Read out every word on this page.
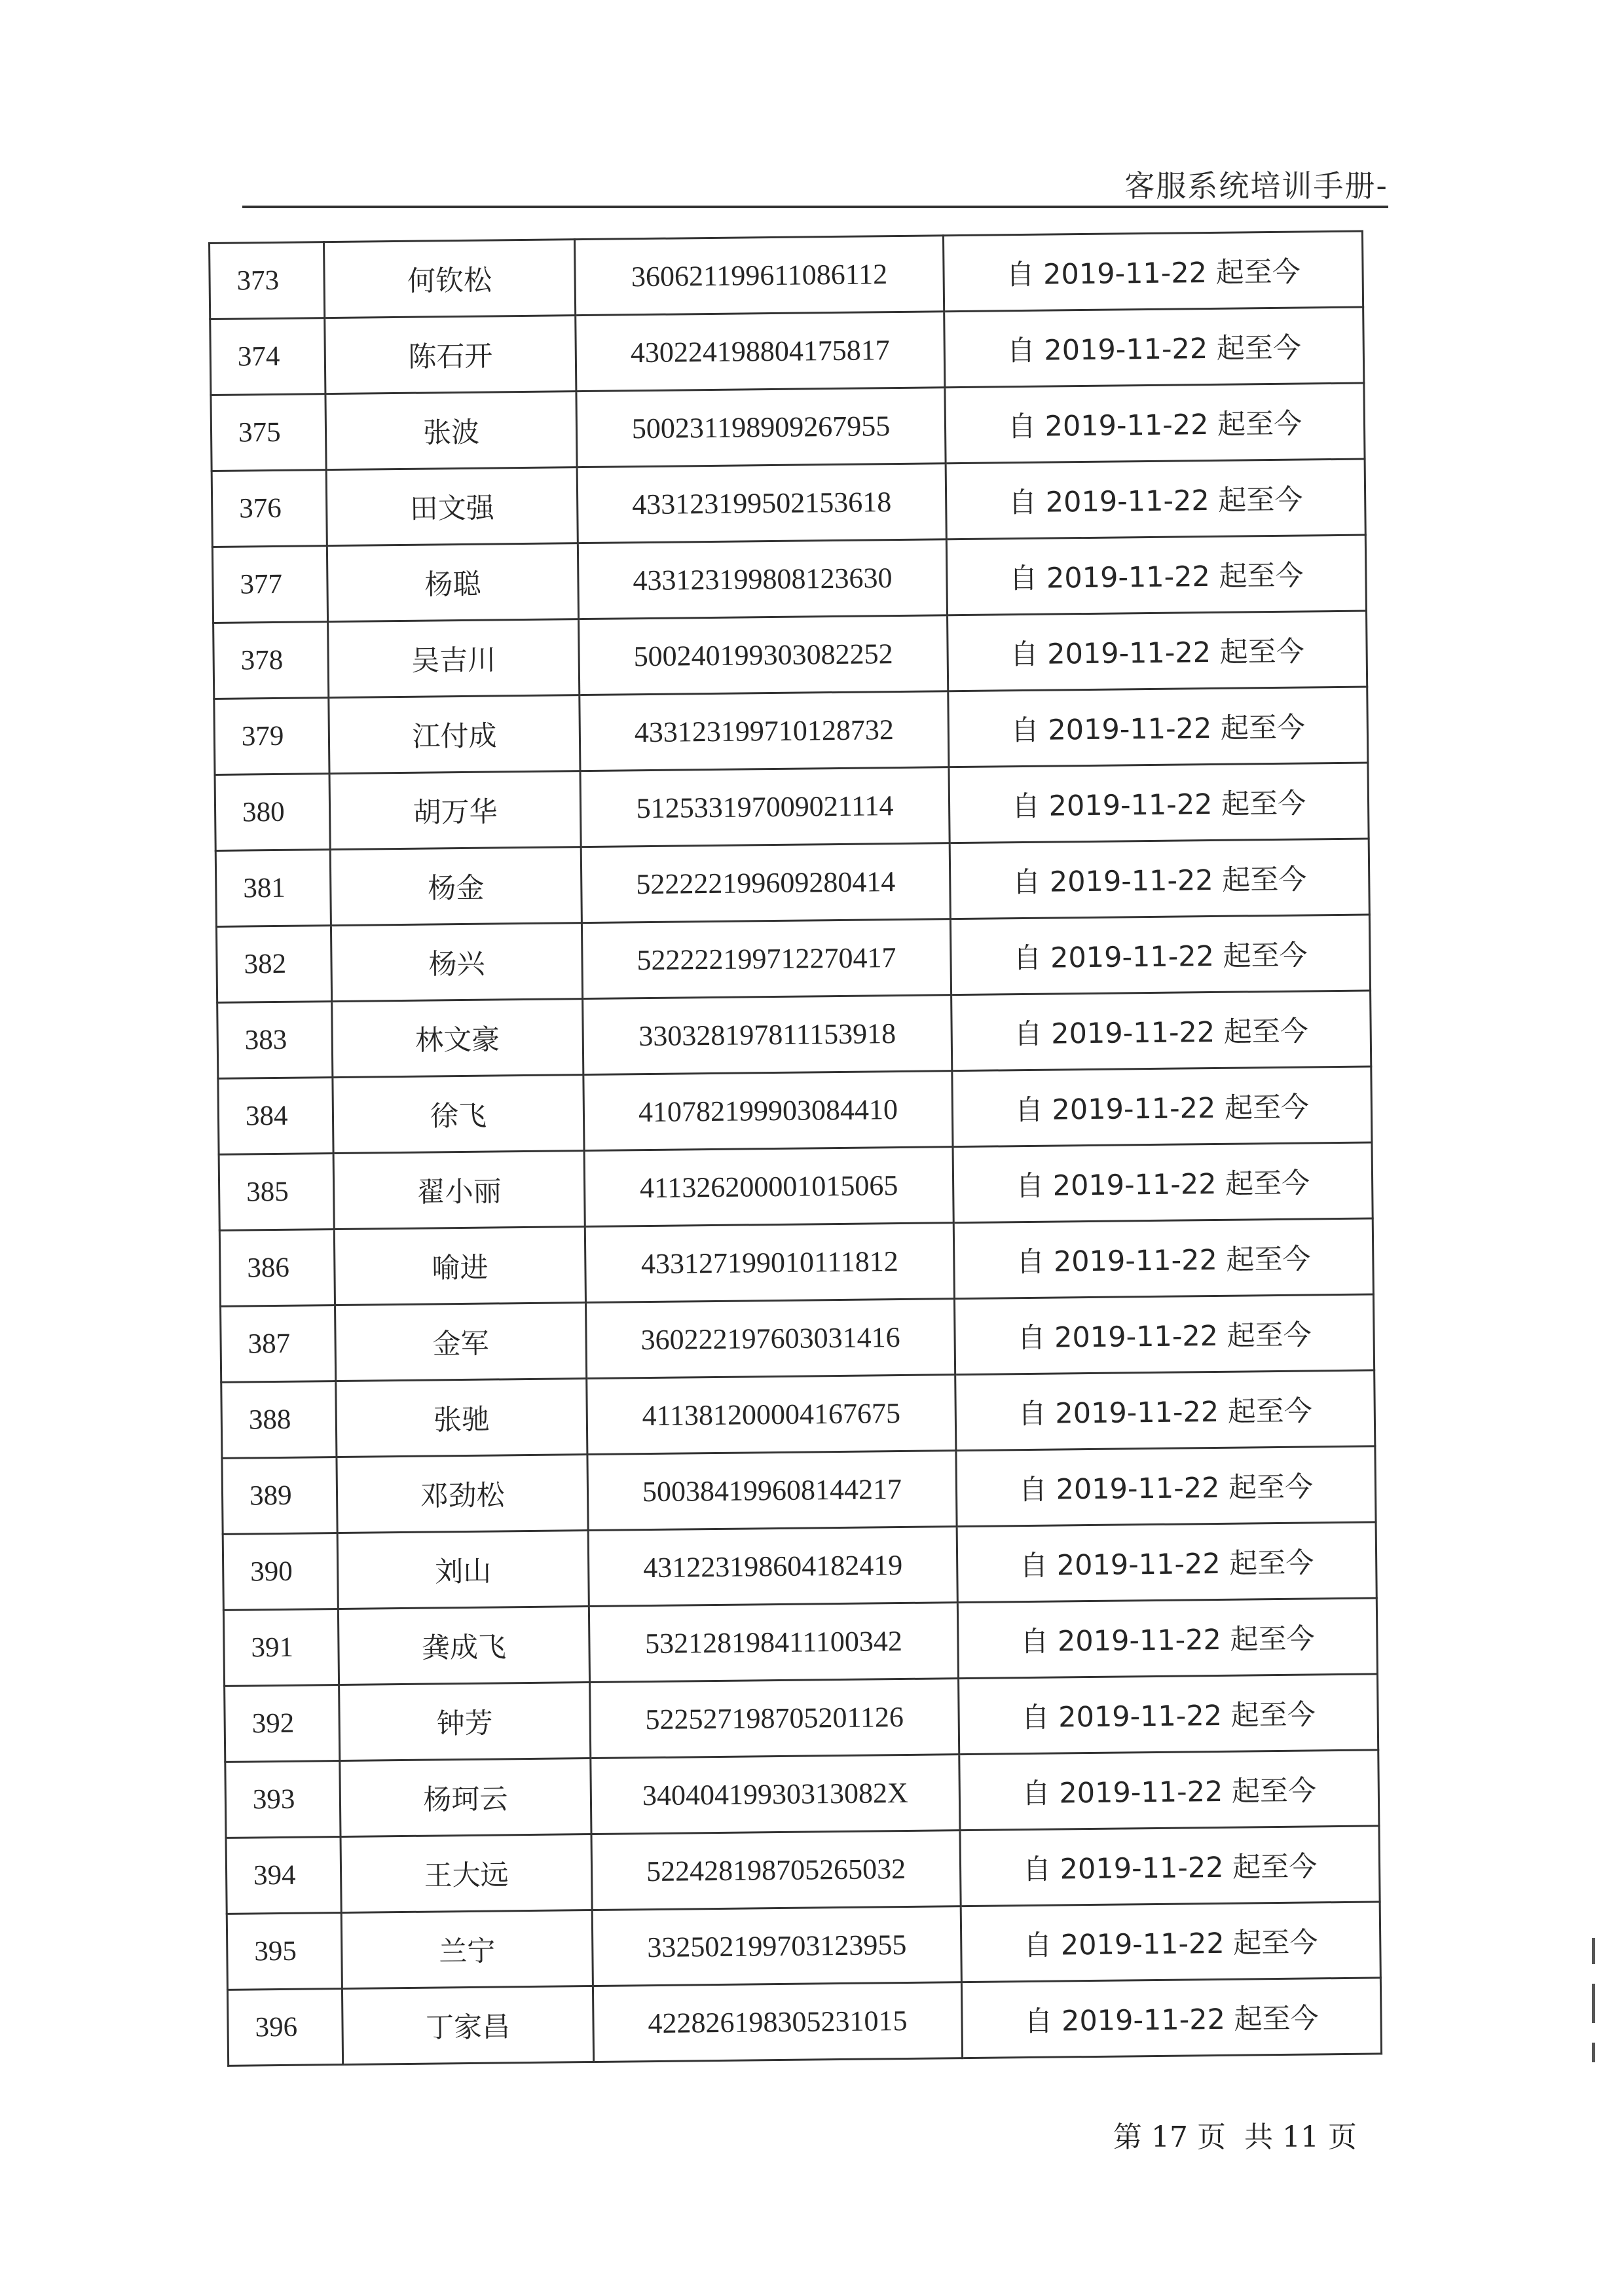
客服系统培训手册-
373	何钦松	360621199611086112	自 2019-11-22 起至今
374	陈石开	430224198804175817	自 2019-11-22 起至今
375	张波	500231198909267955	自 2019-11-22 起至今
376	田文强	433123199502153618	自 2019-11-22 起至今
377	杨聪	433123199808123630	自 2019-11-22 起至今
378	吴吉川	500240199303082252	自 2019-11-22 起至今
379	江付成	433123199710128732	自 2019-11-22 起至今
380	胡万华	512533197009021114	自 2019-11-22 起至今
381	杨金	522222199609280414	自 2019-11-22 起至今
382	杨兴	522222199712270417	自 2019-11-22 起至今
383	林文豪	330328197811153918	自 2019-11-22 起至今
384	徐飞	410782199903084410	自 2019-11-22 起至今
385	翟小丽	411326200001015065	自 2019-11-22 起至今
386	喻进	433127199010111812	自 2019-11-22 起至今
387	金军	360222197603031416	自 2019-11-22 起至今
388	张驰	411381200004167675	自 2019-11-22 起至今
389	邓劲松	500384199608144217	自 2019-11-22 起至今
390	刘山	431223198604182419	自 2019-11-22 起至今
391	龚成飞	532128198411100342	自 2019-11-22 起至今
392	钟芳	522527198705201126	自 2019-11-22 起至今
393	杨珂云	34040419930313082X	自 2019-11-22 起至今
394	王大远	522428198705265032	自 2019-11-22 起至今
395	兰宁	332502199703123955	自 2019-11-22 起至今
396	丁家昌	422826198305231015	自 2019-11-22 起至今
第 17 页 共 11 页
